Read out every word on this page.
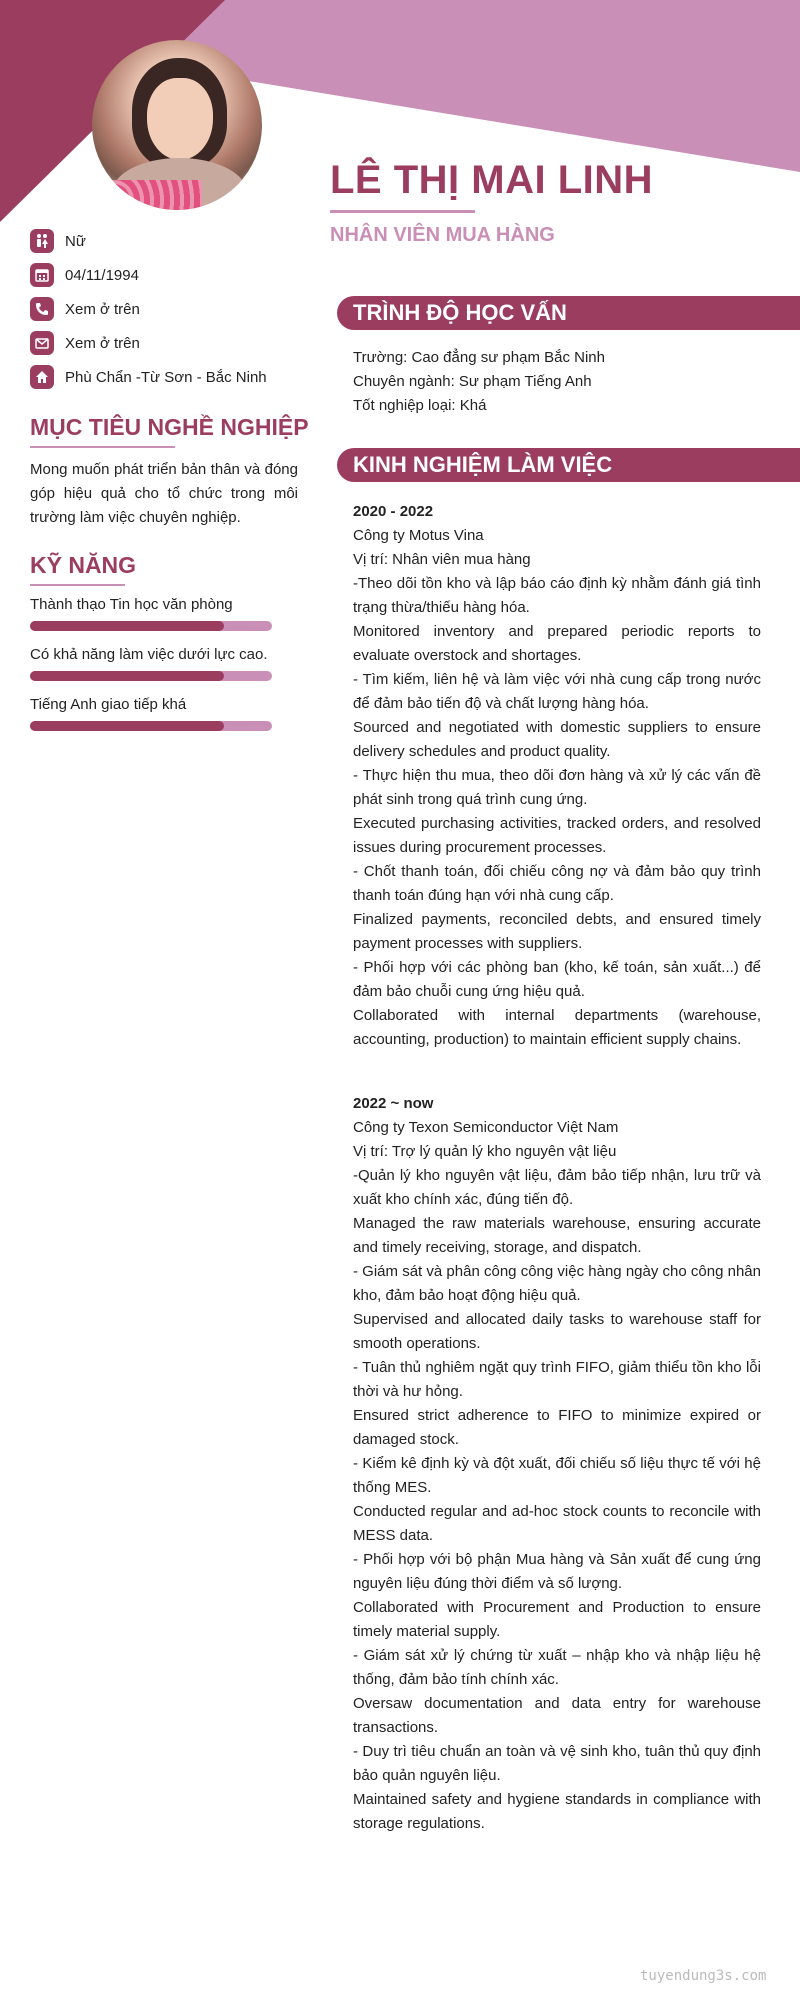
LÊ THỊ MAI LINH
NHÂN VIÊN MUA HÀNG
Nữ
04/11/1994
Xem ở trên
Xem ở trên
Phù Chẩn -Từ Sơn - Bắc Ninh
MỤC TIÊU NGHỀ NGHIỆP

Mong muốn phát triển bản thân và đóng góp hiệu quả cho tổ chức trong môi trường làm việc chuyên nghiệp.

KỸ NĂNG
Thành thạo Tin học văn phòng
Có khả năng làm việc dưới lực cao.
Tiếng Anh giao tiếp khá
TRÌNH ĐỘ HỌC VẤN

Trường: Cao đẳng sư phạm Bắc Ninh

Chuyên ngành: Sư phạm Tiếng Anh

Tốt nghiệp loại: Khá

KINH NGHIỆM LÀM VIỆC

2020 - 2022

Công ty Motus Vina

Vị trí: Nhân viên mua hàng

-Theo dõi tồn kho và lập báo cáo định kỳ nhằm đánh giá tình trạng thừa/thiếu hàng hóa.

Monitored inventory and prepared periodic reports to evaluate overstock and shortages.

- Tìm kiếm, liên hệ và làm việc với nhà cung cấp trong nước để đảm bảo tiến độ và chất lượng hàng hóa.

Sourced and negotiated with domestic suppliers to ensure delivery schedules and product quality.

- Thực hiện thu mua, theo dõi đơn hàng và xử lý các vấn đề phát sinh trong quá trình cung ứng.

Executed purchasing activities, tracked orders, and resolved issues during procurement processes.

- Chốt thanh toán, đối chiếu công nợ và đảm bảo quy trình thanh toán đúng hạn với nhà cung cấp.

Finalized payments, reconciled debts, and ensured timely payment processes with suppliers.

- Phối hợp với các phòng ban (kho, kế toán, sản xuất...) để đảm bảo chuỗi cung ứng hiệu quả.

Collaborated with internal departments (warehouse, accounting, production) to maintain efficient supply chains.

2022 ~ now

Công ty Texon Semiconductor Việt Nam

Vị trí: Trợ lý quản lý kho nguyên vật liệu

-Quản lý kho nguyên vật liệu, đảm bảo tiếp nhận, lưu trữ và xuất kho chính xác, đúng tiến độ.

Managed the raw materials warehouse, ensuring accurate and timely receiving, storage, and dispatch.

- Giám sát và phân công công việc hàng ngày cho công nhân kho, đảm bảo hoạt động hiệu quả.

Supervised and allocated daily tasks to warehouse staff for smooth operations.

- Tuân thủ nghiêm ngặt quy trình FIFO, giảm thiểu tồn kho lỗi thời và hư hỏng.

Ensured strict adherence to FIFO to minimize expired or damaged stock.

- Kiểm kê định kỳ và đột xuất, đối chiếu số liệu thực tế với hệ thống MES.

Conducted regular and ad-hoc stock counts to reconcile with MESS data.

- Phối hợp với bộ phận Mua hàng và Sản xuất để cung ứng nguyên liệu đúng thời điểm và số lượng.

Collaborated with Procurement and Production to ensure timely material supply.

- Giám sát xử lý chứng từ xuất – nhập kho và nhập liệu hệ thống, đảm bảo tính chính xác.

Oversaw documentation and data entry for warehouse transactions.

- Duy trì tiêu chuẩn an toàn và vệ sinh kho, tuân thủ quy định bảo quản nguyên liệu.

Maintained safety and hygiene standards in compliance with storage regulations.

tuyendung3s.com
